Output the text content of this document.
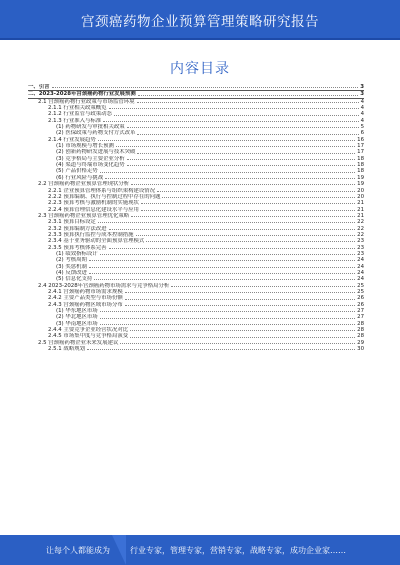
宫颈癌药物企业预算管理策略研究报告
内容目录
一、引言	3
二、2023-2028年宫颈癌药物行业发展预测	3
2.1 宫颈癌药物行业政策与市场监管环境	4
2.1.1 行业相关政策概览	4
2.1.2 行业监管与政策动态	4
2.1.3 行业准入与标准	4
(1) 药物研发与审批相关政策	5
(2) 医保政策与药物支付方式改革	6
2.1.4 行业发展趋势	16
(1) 市场规模与增长预测	17
(2) 创新药物研发进展与技术突破	17
(3) 竞争格局与主要企业分析	18
(4) 渠道与终端市场变化趋势	18
(5) 产品价格走势	18
(6) 行业风险与挑战	19
2.2 宫颈癌药物企业预算管理现状分析	19
2.2.1 企业预算管理体系与组织架构建设情况	20
2.2.2 预算编制、执行与控制过程中存在的问题	20
2.2.3 预算考核与激励机制的实施现状	21
2.2.4 预算管理信息化建设水平与应用	21
2.3 宫颈癌药物企业预算管理优化策略	21
2.3.1 预算目标设定	22
2.3.2 预算编制方法改进	22
2.3.3 预算执行监控与成本控制措施	22
2.3.4 基于业务驱动的全面预算管理模式	23
2.3.5 预算考核体系完善	23
(1) 绩效指标设计	23
(2) 考核周期	24
(3) 奖惩机制	24
(4) 反馈改进	24
(5) 信息化支持	24
2.4 2023-2028年宫颈癌药物市场需求与竞争格局分析	25
2.4.1 宫颈癌药物市场需求规模	25
2.4.2 主要产品类型与市场份额	26
2.4.3 宫颈癌药物区域市场分布	26
(1) 华东地区市场	27
(2) 华北地区市场	27
(3) 华南地区市场	28
2.4.4 主要竞争企业经营状况对比	28
2.4.5 市场集中度与竞争格局演变	28
2.5 宫颈癌药物企业未来发展建议	29
2.5.1 战略规划	30
让每个人都能成为	行业专家，管理专家，营销专家，战略专家，成功企业家……
